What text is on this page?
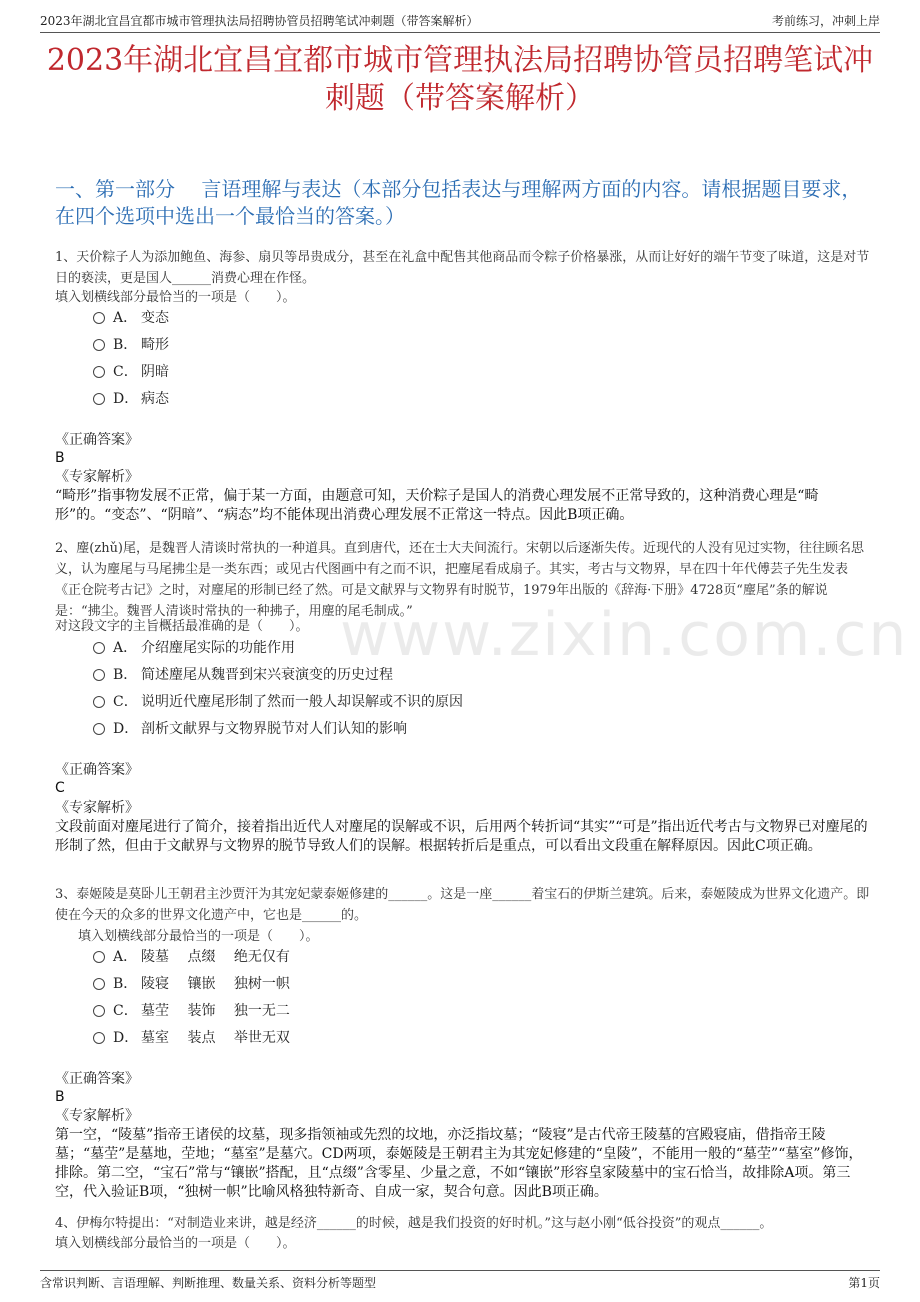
2023年湖北宜昌宜都市城市管理执法局招聘协管员招聘笔试冲刺题（带答案解析）	考前练习，冲刺上岸
2023年湖北宜昌宜都市城市管理执法局招聘协管员招聘笔试冲刺题（带答案解析）
一、第一部分　 言语理解与表达（本部分包括表达与理解两方面的内容。请根据题目要求，在四个选项中选出一个最恰当的答案。）
www.zixin.com.cn
1、天价粽子人为添加鲍鱼、海参、扇贝等昂贵成分，甚至在礼盒中配售其他商品而令粽子价格暴涨，从而让好好的端午节变了味道，这是对节日的亵渎，更是国人______消费心理在作怪。
填入划横线部分最恰当的一项是（　　）。
A． 变态
B． 畸形
C． 阴暗
D． 病态
《正确答案》
B
《专家解析》
“畸形”指事物发展不正常，偏于某一方面，由题意可知，天价粽子是国人的消费心理发展不正常导致的，这种消费心理是“畸形”的。“变态”、“阴暗”、“病态”均不能体现出消费心理发展不正常这一特点。因此B项正确。
2、麈(zhǔ)尾，是魏晋人清谈时常执的一种道具。直到唐代，还在士大夫间流行。宋朝以后逐渐失传。近现代的人没有见过实物，往往顾名思义，认为麈尾与马尾拂尘是一类东西；或见古代图画中有之而不识，把麈尾看成扇子。其实，考古与文物界，早在四十年代傅芸子先生发表《正仓院考古记》之时，对麈尾的形制已经了然。可是文献界与文物界有时脱节，1979年出版的《辞海·下册》4728页“麈尾”条的解说是：“拂尘。魏晋人清谈时常执的一种拂子，用麈的尾毛制成。”
对这段文字的主旨概括最准确的是（　　）。
A． 介绍麈尾实际的功能作用
B． 简述麈尾从魏晋到宋兴衰演变的历史过程
C． 说明近代麈尾形制了然而一般人却误解或不识的原因
D． 剖析文献界与文物界脱节对人们认知的影响
《正确答案》
C
《专家解析》
文段前面对麈尾进行了简介，接着指出近代人对麈尾的误解或不识，后用两个转折词“其实”“可是”指出近代考古与文物界已对麈尾的形制了然，但由于文献界与文物界的脱节导致人们的误解。根据转折后是重点，可以看出文段重在解释原因。因此C项正确。
3、泰姬陵是莫卧儿王朝君主沙贾汗为其宠妃蒙泰姬修建的______。这是一座______着宝石的伊斯兰建筑。后来，泰姬陵成为世界文化遗产。即使在今天的众多的世界文化遗产中，它也是______的。
填入划横线部分最恰当的一项是（　　）。
A． 陵墓　 点缀　 绝无仅有
B． 陵寝　 镶嵌　 独树一帜
C． 墓茔　 装饰　 独一无二
D． 墓室　 装点　 举世无双
《正确答案》
B
《专家解析》
第一空，“陵墓”指帝王诸侯的坟墓，现多指领袖或先烈的坟地，亦泛指坟墓；“陵寝”是古代帝王陵墓的宫殿寝庙，借指帝王陵墓；“墓茔”是墓地，茔地；“墓室”是墓穴。CD两项，泰姬陵是王朝君主为其宠妃修建的“皇陵”，不能用一般的“墓茔”“墓室”修饰，排除。第二空，“宝石”常与“镶嵌”搭配，且“点缀”含零星、少量之意，不如“镶嵌”形容皇家陵墓中的宝石恰当，故排除A项。第三空，代入验证B项，“独树一帜”比喻风格独特新奇、自成一家，契合句意。因此B项正确。
4、伊梅尔特提出：“对制造业来讲，越是经济______的时候，越是我们投资的好时机。”这与赵小刚“低谷投资”的观点______。
填入划横线部分最恰当的一项是（　　）。
含常识判断、言语理解、判断推理、数量关系、资料分析等题型	第1页
